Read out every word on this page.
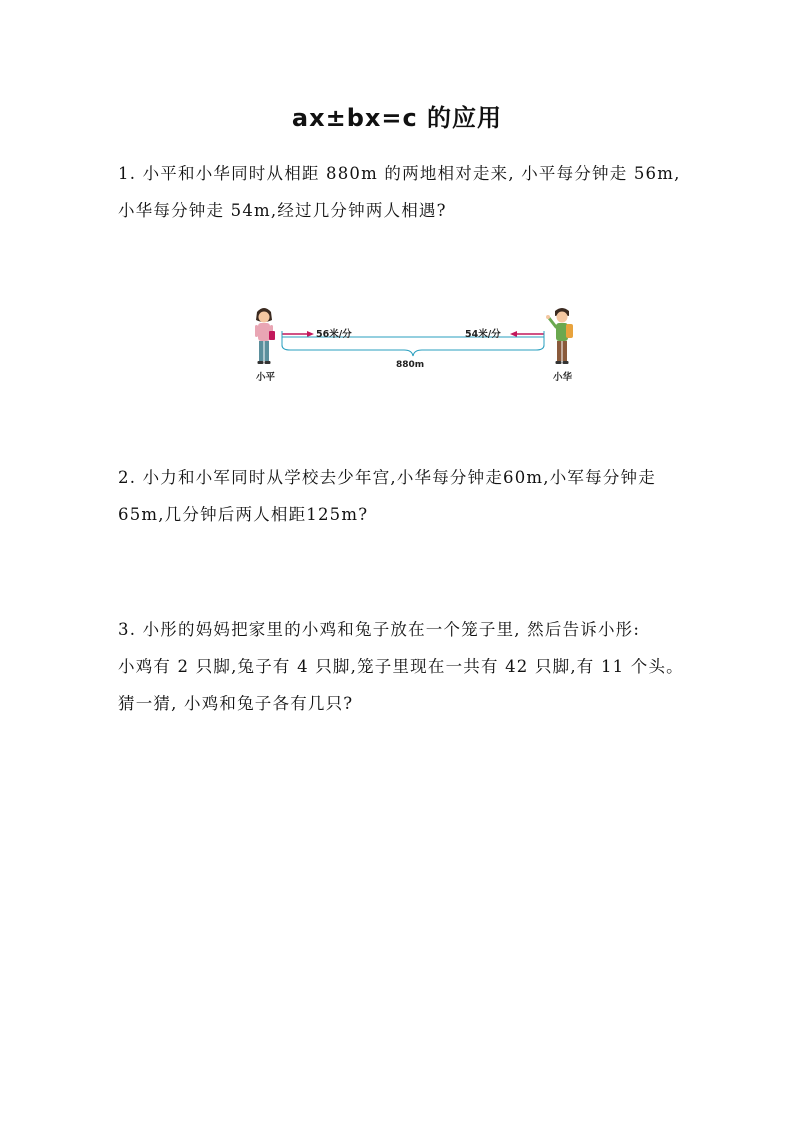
ax±bx=c 的应用
1. 小平和小华同时从相距 880m 的两地相对走来, 小平每分钟走 56m,
小华每分钟走 54m,经过几分钟两人相遇?
56米/分	54米/分
880m
小平	小华
2. 小力和小军同时从学校去少年宫,小华每分钟走60m,小军每分钟走
65m,几分钟后两人相距125m?
3. 小彤的妈妈把家里的小鸡和兔子放在一个笼子里, 然后告诉小彤:
小鸡有 2 只脚,兔子有 4 只脚,笼子里现在一共有 42 只脚,有 11 个头。
猜一猜, 小鸡和兔子各有几只?
